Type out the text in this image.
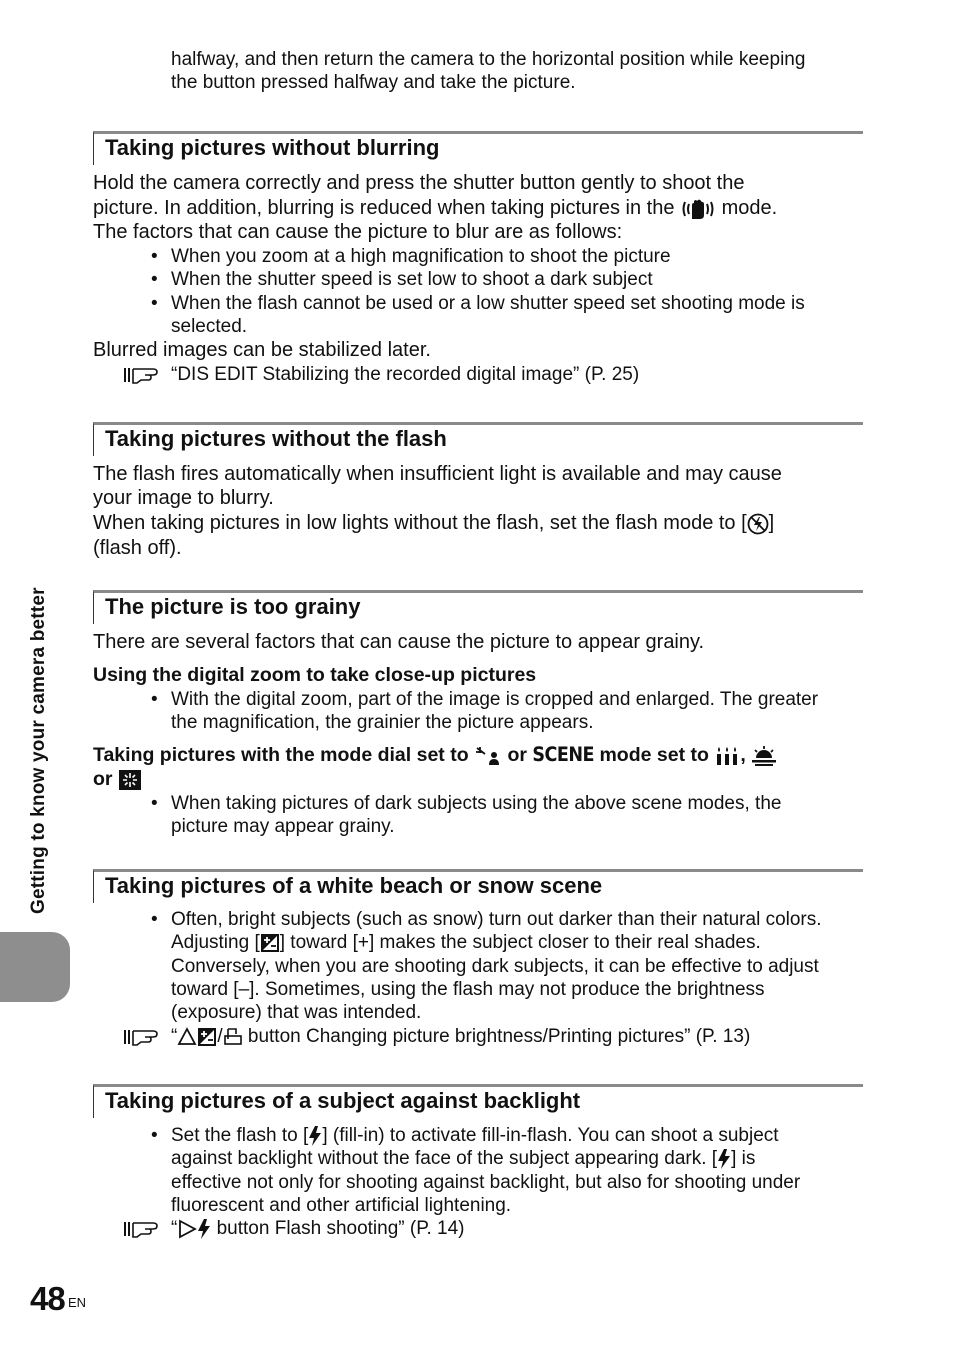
halfway, and then return the camera to the horizontal position while keeping
the button pressed halfway and take the picture.
Taking pictures without blurring
Hold the camera correctly and press the shutter button gently to shoot the
picture. In addition, blurring is reduced when taking pictures in the mode.
The factors that can cause the picture to blur are as follows:
• When you zoom at a high magnification to shoot the picture
• When the shutter speed is set low to shoot a dark subject
• When the flash cannot be used or a low shutter speed set shooting mode is
selected.
Blurred images can be stabilized later.
“DIS EDIT Stabilizing the recorded digital image” (P. 25)
Taking pictures without the flash
The flash fires automatically when insufficient light is available and may cause
your image to blurry.
When taking pictures in low lights without the flash, set the flash mode to [ ]
(flash off).
The picture is too grainy
There are several factors that can cause the picture to appear grainy.
Using the digital zoom to take close-up pictures
• With the digital zoom, part of the image is cropped and enlarged. The greater
the magnification, the grainier the picture appears.
Taking pictures with the mode dial set to or SCENE mode set to ,
or
• When taking pictures of dark subjects using the above scene modes, the
picture may appear grainy.
Taking pictures of a white beach or snow scene
• Often, bright subjects (such as snow) turn out darker than their natural colors.
Adjusting [ ] toward [+] makes the subject closer to their real shades.
Conversely, when you are shooting dark subjects, it can be effective to adjust
toward [–]. Sometimes, using the flash may not produce the brightness
(exposure) that was intended.
“ / button Changing picture brightness/Printing pictures” (P. 13)
Taking pictures of a subject against backlight
• Set the flash to [ ] (fill-in) to activate fill-in-flash. You can shoot a subject
against backlight without the face of the subject appearing dark. [ ] is
effective not only for shooting against backlight, but also for shooting under
fluorescent and other artificial lightening.
“ button Flash shooting” (P. 14)
Getting to know your camera better
48 EN
